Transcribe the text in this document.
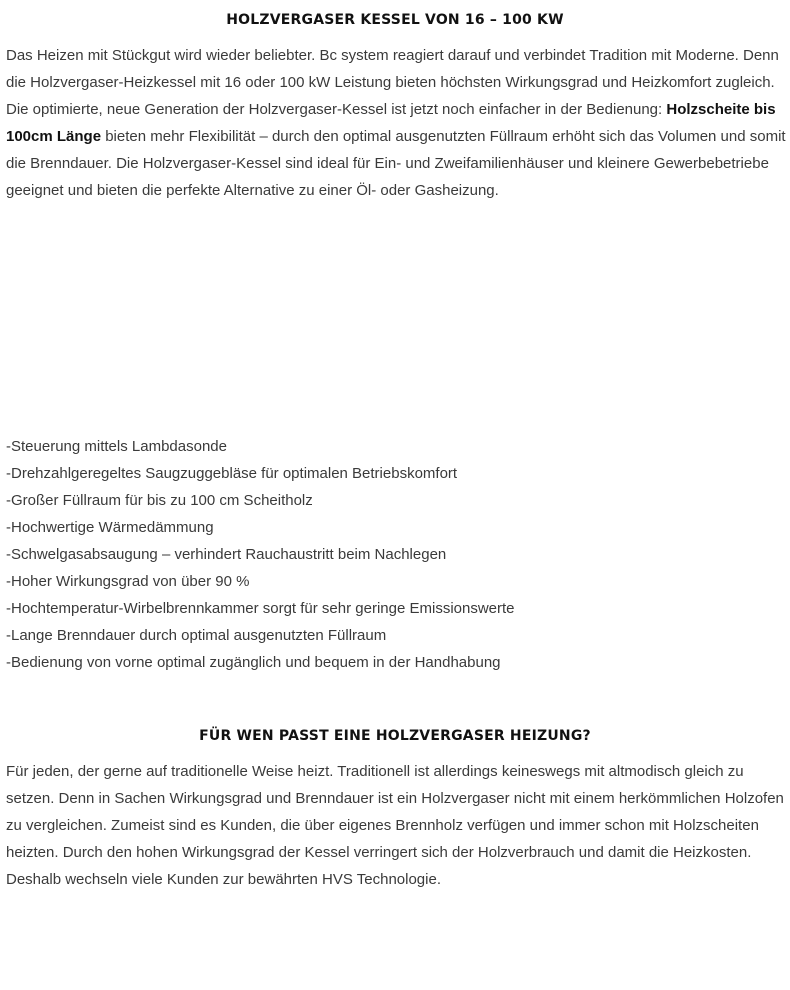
HOLZVERGASER KESSEL VON 16 – 100 KW

Das Heizen mit Stückgut wird wieder beliebter. Bc system reagiert darauf und verbindet Tradition mit Moderne. Denn die Holzvergaser-Heizkessel mit 16 oder 100 kW Leistung bieten höchsten Wirkungsgrad und Heizkomfort zugleich. Die optimierte, neue Generation der Holzvergaser-Kessel ist jetzt noch einfacher in der Bedienung: Holzscheite bis 100cm Länge bieten mehr Flexibilität – durch den optimal ausgenutzten Füllraum erhöht sich das Volumen und somit die Brenndauer. Die Holzvergaser-Kessel sind ideal für Ein- und Zweifamilienhäuser und kleinere Gewerbebetriebe geeignet und bieten die perfekte Alternative zu einer Öl- oder Gasheizung.

-Steuerung mittels Lambdasonde
-Drehzahlgeregeltes Saugzuggebläse für optimalen Betriebskomfort
-Großer Füllraum für bis zu 100 cm Scheitholz
-Hochwertige Wärmedämmung
-Schwelgasabsaugung – verhindert Rauchaustritt beim Nachlegen
-Hoher Wirkungsgrad von über 90 %
-Hochtemperatur-Wirbelbrennkammer sorgt für sehr geringe Emissionswerte
-Lange Brenndauer durch optimal ausgenutzten Füllraum
-Bedienung von vorne optimal zugänglich und bequem in der Handhabung
FÜR WEN PASST EINE HOLZVERGASER HEIZUNG?

Für jeden, der gerne auf traditionelle Weise heizt. Traditionell ist allerdings keineswegs mit altmodisch gleich zu setzen. Denn in Sachen Wirkungsgrad und Brenndauer ist ein Holzvergaser nicht mit einem herkömmlichen Holzofen zu vergleichen. Zumeist sind es Kunden, die über eigenes Brennholz verfügen und immer schon mit Holzscheiten heizten. Durch den hohen Wirkungsgrad der Kessel verringert sich der Holzverbrauch und damit die Heizkosten. Deshalb wechseln viele Kunden zur bewährten HVS Technologie.
